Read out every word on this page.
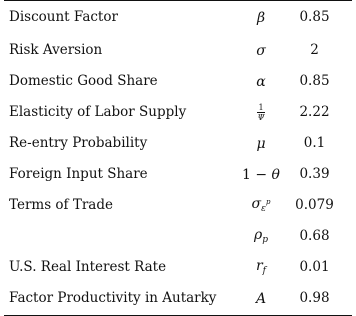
Discount Factor	β	0.85
Risk Aversion	σ	2
Domestic Good Share	α	0.85
Elasticity of Labor Supply	$\frac{1}{\Psi}$	2.22
Re-entry Probability	μ	0.1
Foreign Input Share	1 − θ	0.39
Terms of Trade	$\sigma_\varepsilon^p$	0.079
	$\rho_p$	0.68
U.S. Real Interest Rate	$r_f$	0.01
Factor Productivity in Autarky	A	0.98
